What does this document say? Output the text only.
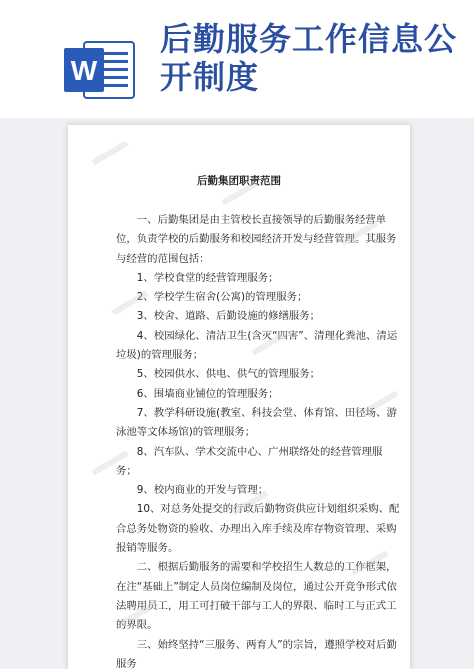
W
后勤服务工作信息公开制度
后勤集团职责范围

一、后勤集团是由主管校长直接领导的后勤服务经营单位，负责学校的后勤服务和校园经济开发与经营管理。其服务与经营的范围包括：

1、学校食堂的经营管理服务；

2、学校学生宿舍(公寓)的管理服务；

3、校舍、道路、后勤设施的修缮服务；

4、校园绿化、清洁卫生(含灭“四害”、清理化粪池、清运垃圾)的管理服务；

5、校园供水、供电、供气的管理服务；

6、围墙商业铺位的管理服务；

7、教学科研设施(教室、科技会堂、体育馆、田径场、游泳池等文体场馆)的管理服务；

8、汽车队、学术交流中心、广州联络处的经营管理服务；

9、校内商业的开发与管理；

10、对总务处提交的行政后勤物资供应计划组织采购、配合总务处物资的验收、办理出入库手续及库存物资管理、采购报销等服务。

二、根据后勤服务的需要和学校招生人数总的工作框架，在注“基础上”制定人员岗位编制及岗位，通过公开竞争形式依法聘用员工，用工可打破干部与工人的界限、临时工与正式工的界限。

三、始终坚持“三服务、两育人”的宗旨，遵照学校对后勤服务
